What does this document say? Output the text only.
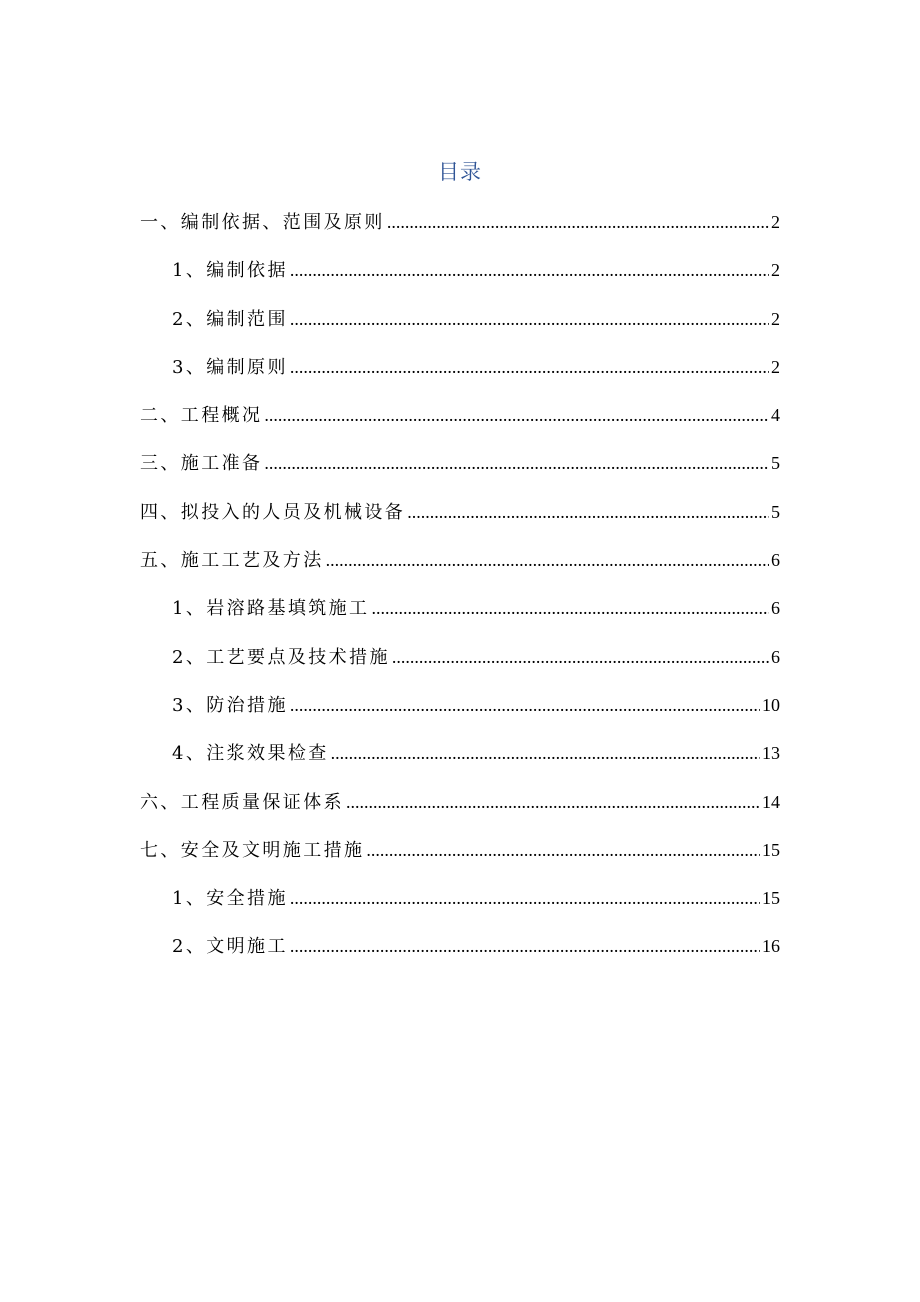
目录
一、编制依据、范围及原则 .....	2
1、编制依据 .....	2
2、编制范围 .....	2
3、编制原则 .....	2
二、工程概况 .....	4
三、施工准备 .....	5
四、拟投入的人员及机械设备 .....	5
五、施工工艺及方法 .....	6
1、岩溶路基填筑施工 .....	6
2、工艺要点及技术措施 .....	6
3、防治措施 .....	10
4、注浆效果检查 .....	13
六、工程质量保证体系 .....	14
七、安全及文明施工措施 .....	15
1、安全措施 .....	15
2、文明施工 .....	16
